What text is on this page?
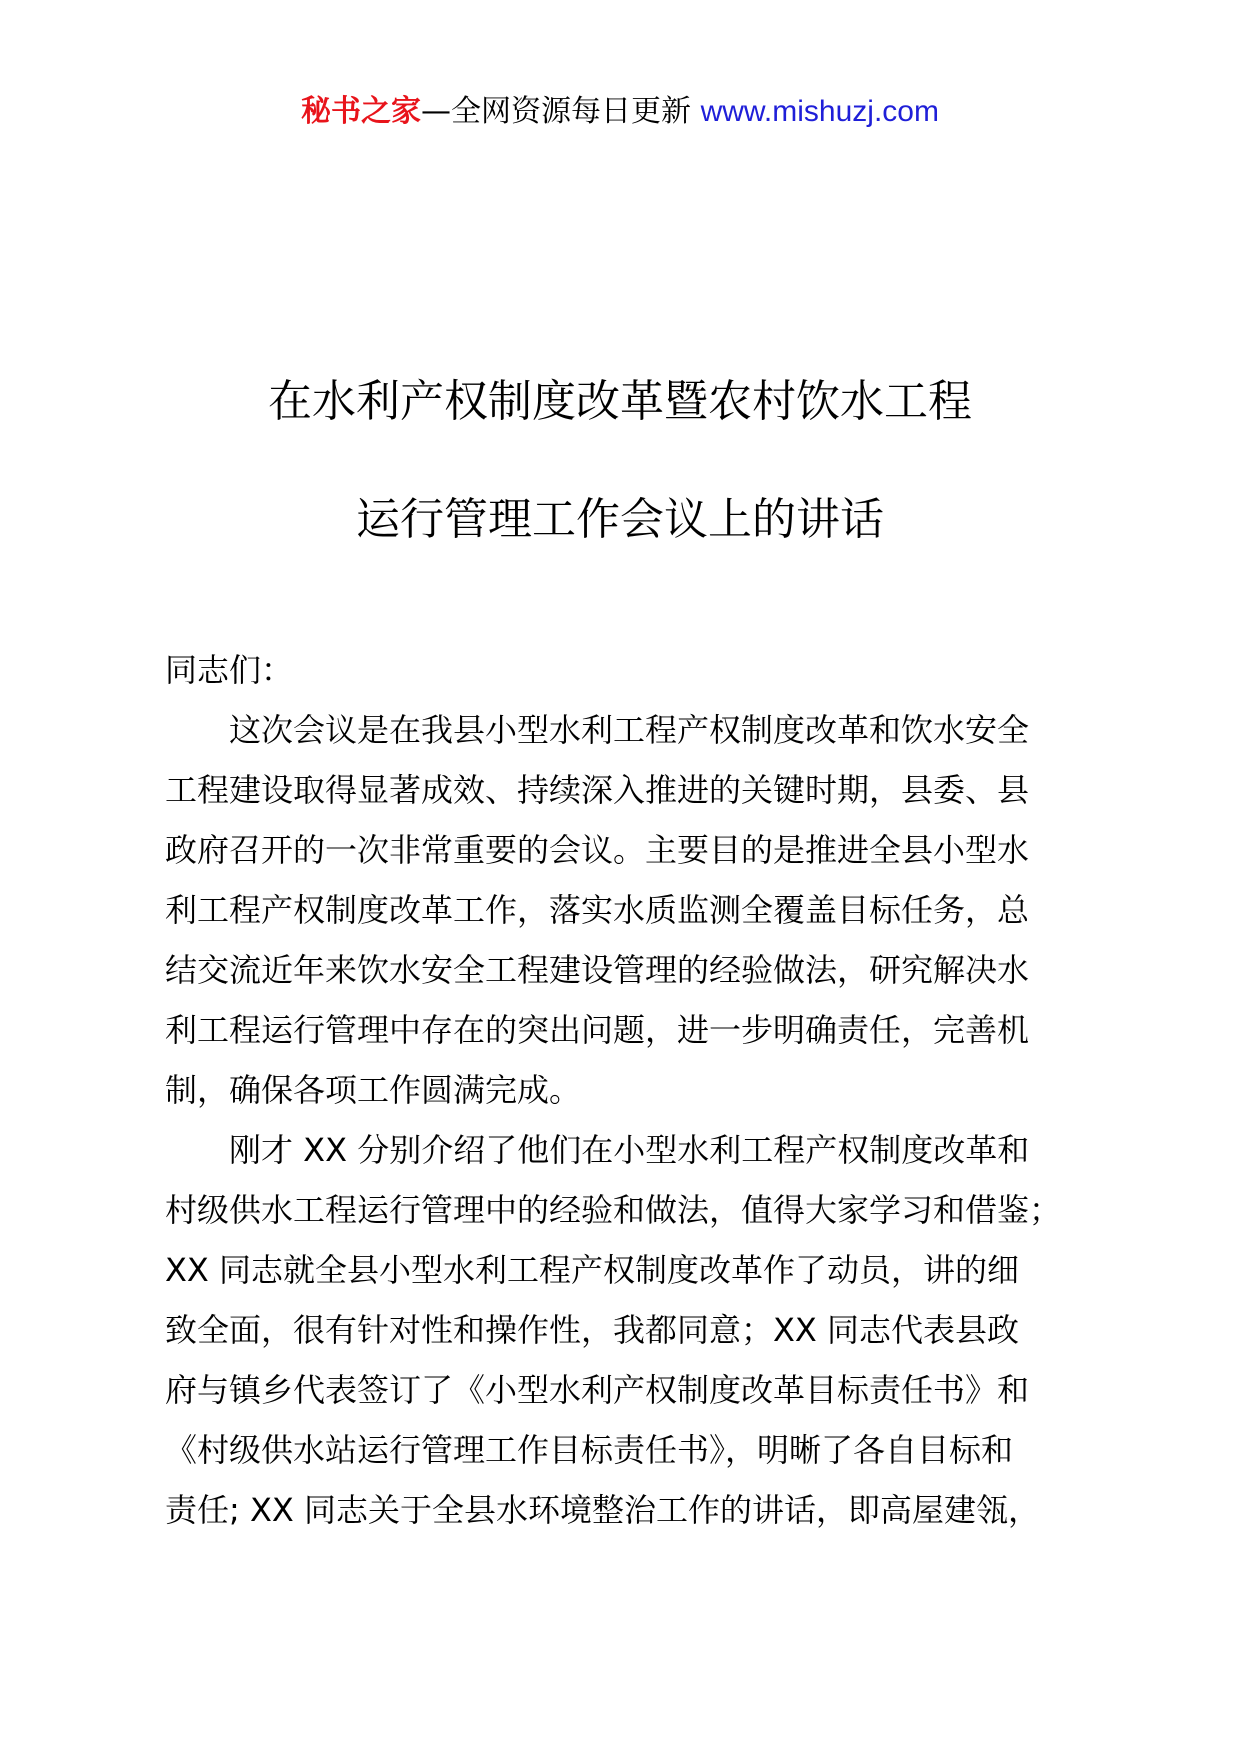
秘书之家—全网资源每日更新 www.mishuzj.com
在水利产权制度改革暨农村饮水工程
运行管理工作会议上的讲话

同志们：

这次会议是在我县小型水利工程产权制度改革和饮水安全
工程建设取得显著成效、持续深入推进的关键时期，县委、县
政府召开的一次非常重要的会议。主要目的是推进全县小型水
利工程产权制度改革工作，落实水质监测全覆盖目标任务，总
结交流近年来饮水安全工程建设管理的经验做法，研究解决水
利工程运行管理中存在的突出问题，进一步明确责任，完善机
制，确保各项工作圆满完成。

刚才 XX 分别介绍了他们在小型水利工程产权制度改革和
村级供水工程运行管理中的经验和做法，值得大家学习和借鉴；
XX 同志就全县小型水利工程产权制度改革作了动员，讲的细
致全面，很有针对性和操作性，我都同意；XX 同志代表县政
府与镇乡代表签订了《小型水利产权制度改革目标责任书》和
《村级供水站运行管理工作目标责任书》，明晰了各自目标和
责任; XX 同志关于全县水环境整治工作的讲话，即高屋建瓴，
